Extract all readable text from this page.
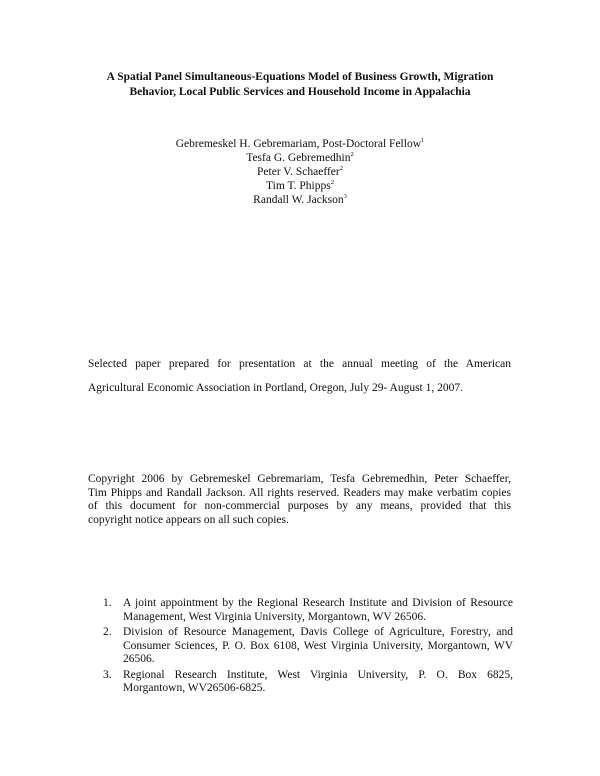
A Spatial Panel Simultaneous-Equations Model of Business Growth, Migration
Behavior, Local Public Services and Household Income in Appalachia
Gebremeskel H. Gebremariam, Post-Doctoral Fellow$^1$
Tesfa G. Gebremedhin$^2$
Peter V. Schaeffer$^2$
Tim T. Phipps$^2$
Randall W. Jackson$^3$
Selected paper prepared for presentation at the annual meeting of the American
Agricultural Economic Association in Portland, Oregon, July 29- August 1, 2007.
Copyright 2006 by Gebremeskel Gebremariam, Tesfa Gebremedhin, Peter Schaeffer,
Tim Phipps and Randall Jackson. All rights reserved. Readers may make verbatim copies
of this document for non-commercial purposes by any means, provided that this
copyright notice appears on all such copies.
1. A joint appointment by the Regional Research Institute and Division of Resource
Management, West Virginia University, Morgantown, WV 26506.
2. Division of Resource Management, Davis College of Agriculture, Forestry, and
Consumer Sciences, P. O. Box 6108, West Virginia University, Morgantown, WV
26506.
3. Regional Research Institute, West Virginia University, P. O. Box 6825,
Morgantown, WV26506-6825.
